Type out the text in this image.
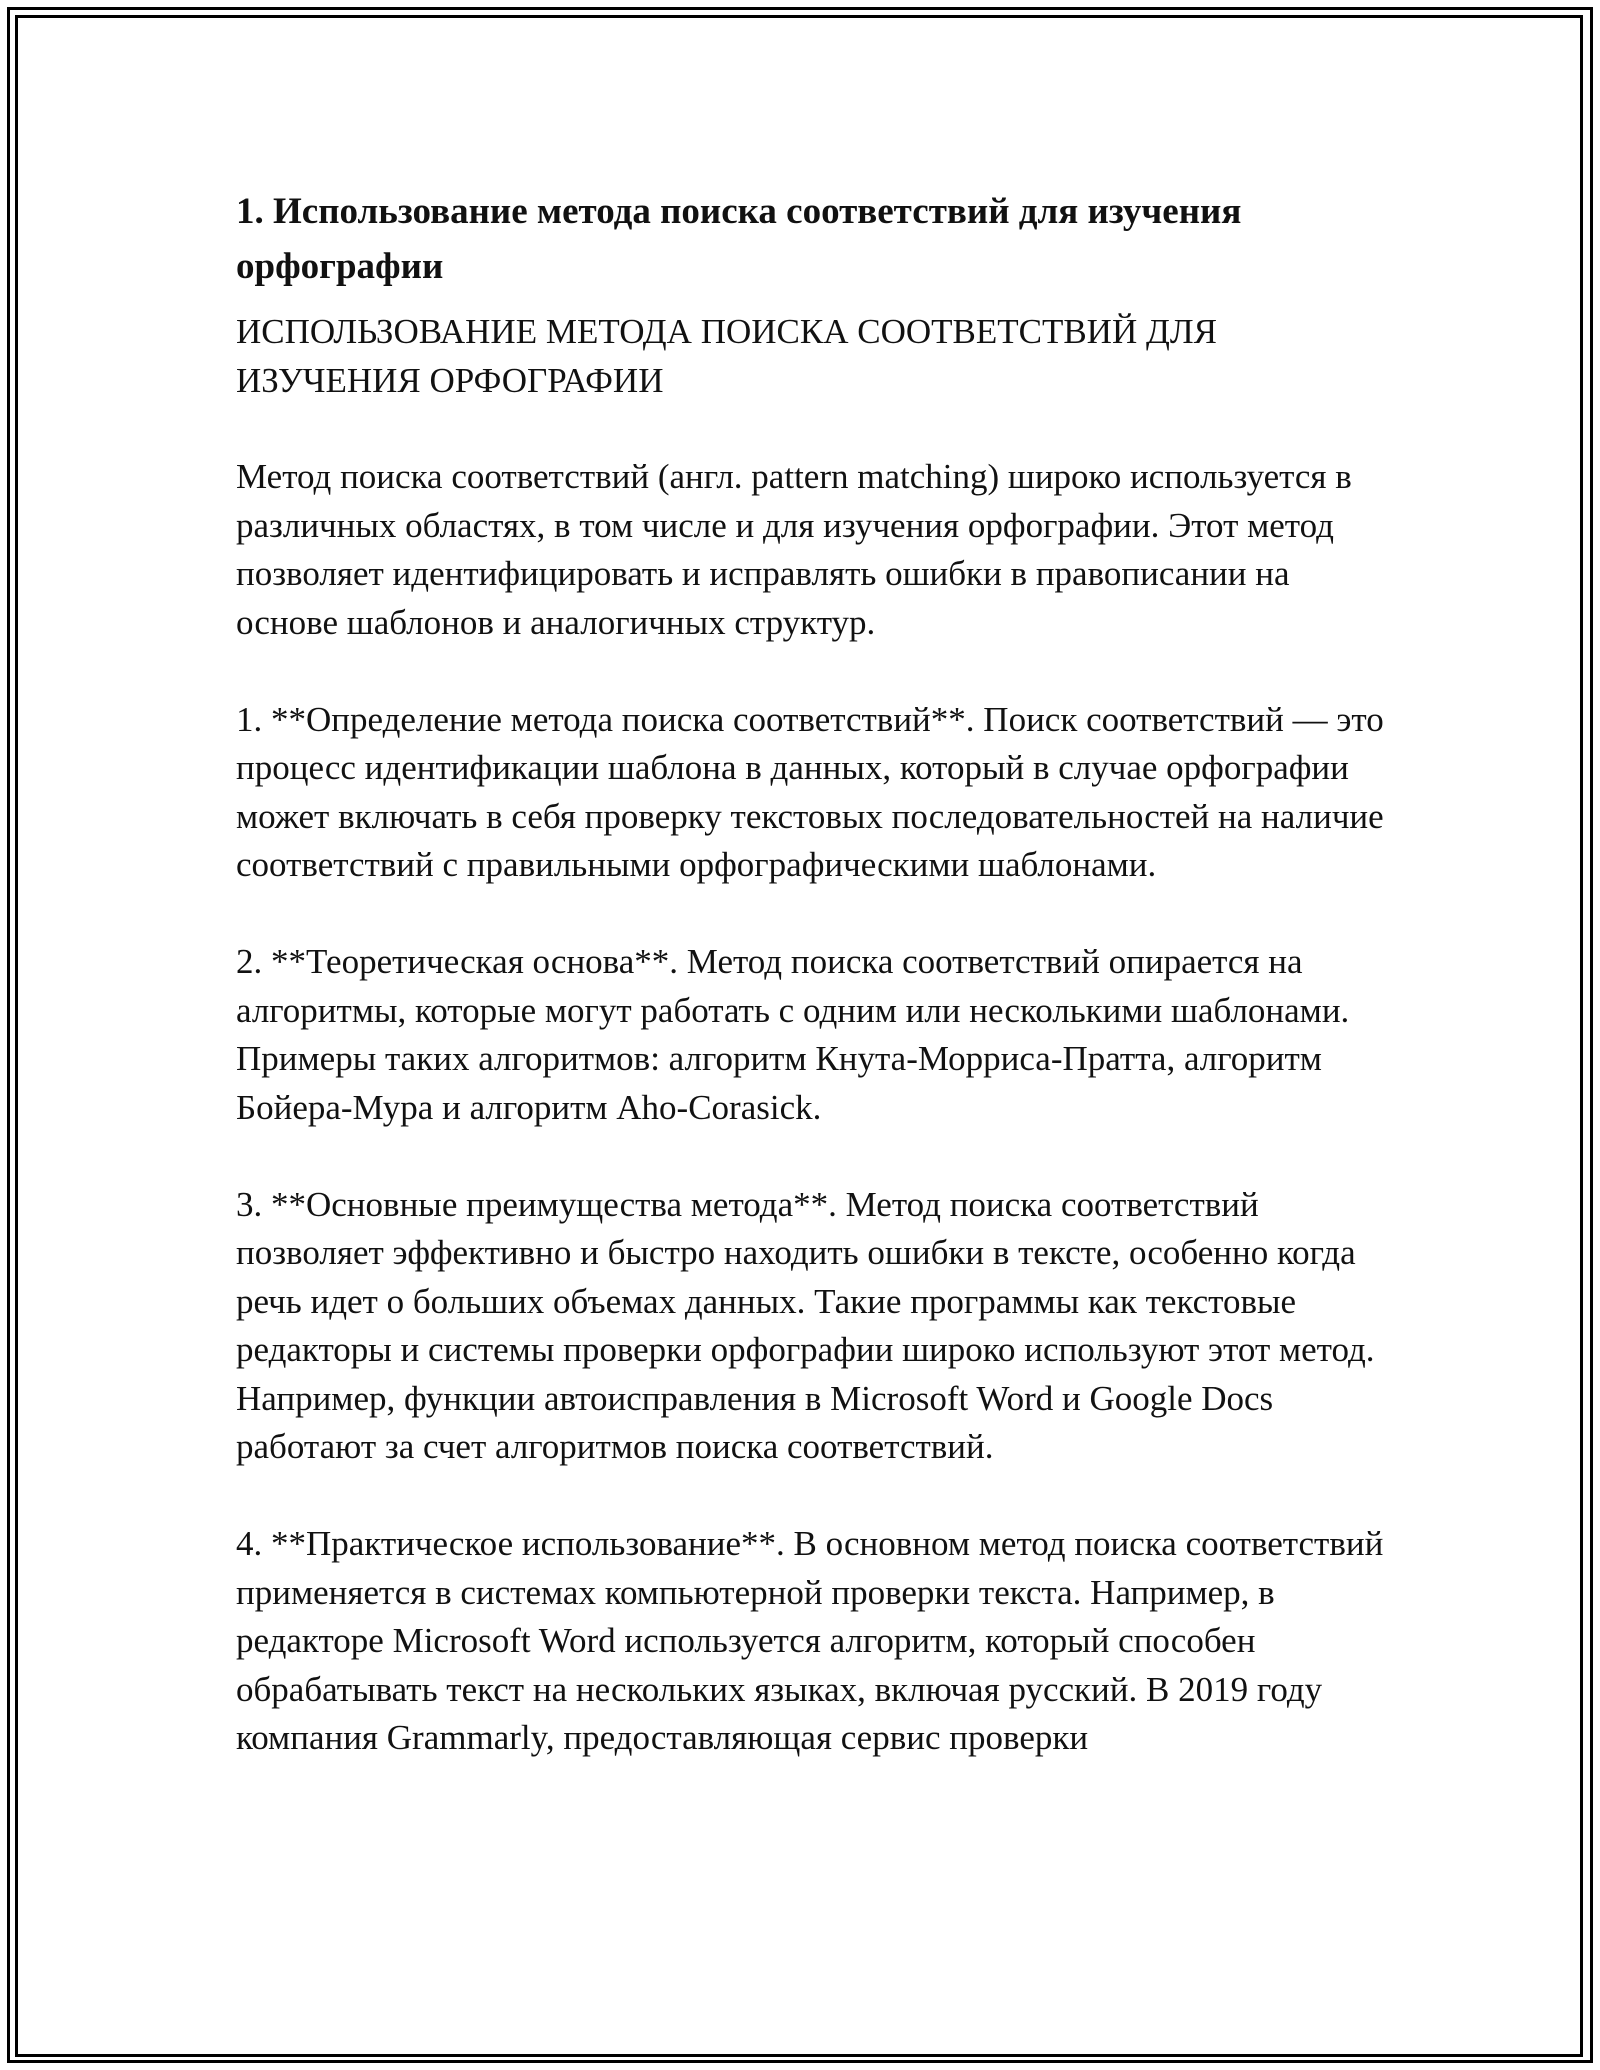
1. Использование метода поиска соответствий для изучения орфографии

ИСПОЛЬЗОВАНИЕ МЕТОДА ПОИСКА СООТВЕТСТВИЙ ДЛЯ ИЗУЧЕНИЯ ОРФОГРАФИИ

Метод поиска соответствий (англ. pattern matching) широко используется в различных областях, в том числе и для изучения орфографии. Этот метод позволяет идентифицировать и исправлять ошибки в правописании на основе шаблонов и аналогичных структур.

1. **Определение метода поиска соответствий**. Поиск соответствий — это процесс идентификации шаблона в данных, который в случае орфографии может включать в себя проверку текстовых последовательностей на наличие соответствий с правильными орфографическими шаблонами.

2. **Теоретическая основа**. Метод поиска соответствий опирается на алгоритмы, которые могут работать с одним или несколькими шаблонами. Примеры таких алгоритмов: алгоритм Кнута-Морриса-Пратта, алгоритм Бойера-Мура и алгоритм Aho-Corasick.

3. **Основные преимущества метода**. Метод поиска соответствий позволяет эффективно и быстро находить ошибки в тексте, особенно когда речь идет о больших объемах данных. Такие программы как текстовые редакторы и системы проверки орфографии широко используют этот метод. Например, функции автоисправления в Microsoft Word и Google Docs работают за счет алгоритмов поиска соответствий.

4. **Практическое использование**. В основном метод поиска соответствий применяется в системах компьютерной проверки текста. Например, в редакторе Microsoft Word используется алгоритм, который способен обрабатывать текст на нескольких языках, включая русский. В 2019 году компания Grammarly, предоставляющая сервис проверки
